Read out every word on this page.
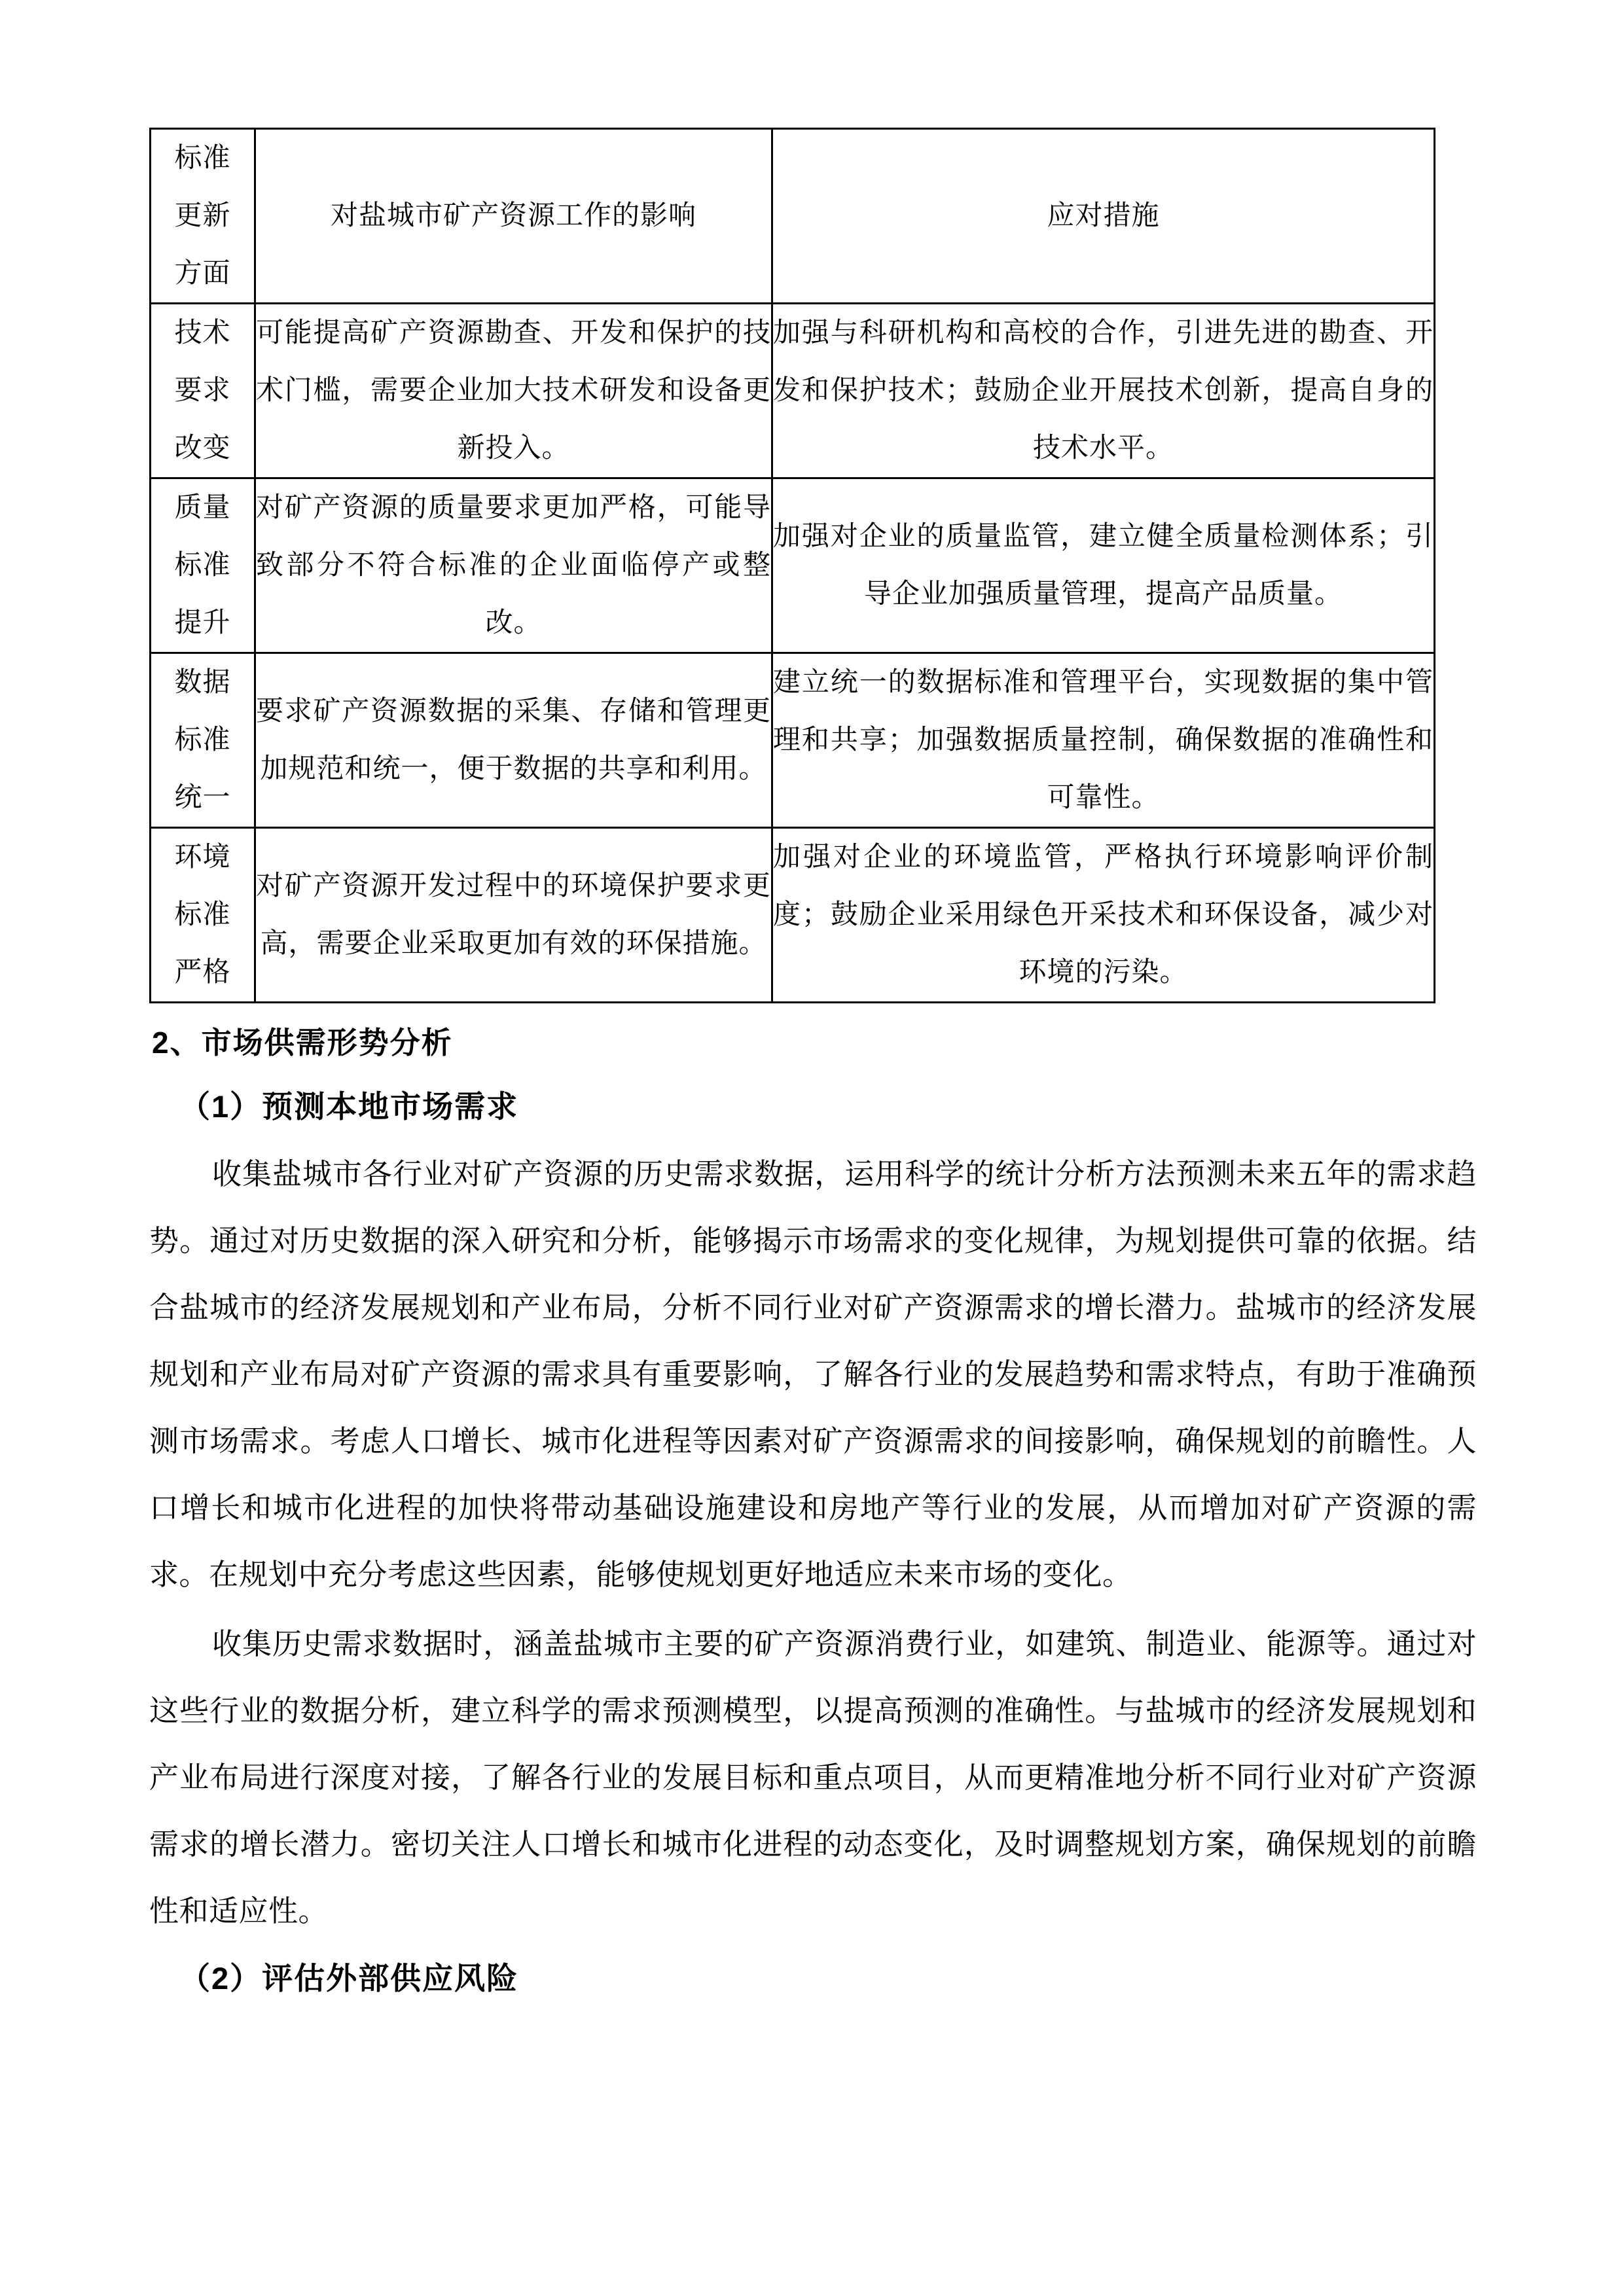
标准
更新
方面	对盐城市矿产资源工作的影响	应对措施

技术
要求
改变	可能提高矿产资源勘查、开发和保护的技术门槛，需要企业加大技术研发和设备更新投入。	加强与科研机构和高校的合作，引进先进的勘查、开发和保护技术；鼓励企业开展技术创新，提高自身的技术水平。

质量
标准
提升	对矿产资源的质量要求更加严格，可能导致部分不符合标准的企业面临停产或整改。	加强对企业的质量监管，建立健全质量检测体系；引导企业加强质量管理，提高产品质量。

数据
标准
统一	要求矿产资源数据的采集、存储和管理更加规范和统一，便于数据的共享和利用。	建立统一的数据标准和管理平台，实现数据的集中管理和共享；加强数据质量控制，确保数据的准确性和可靠性。

环境
标准
严格	对矿产资源开发过程中的环境保护要求更高，需要企业采取更加有效的环保措施。	加强对企业的环境监管，严格执行环境影响评价制度；鼓励企业采用绿色开采技术和环保设备，减少对环境的污染。
2、市场供需形势分析
（1）预测本地市场需求

收集盐城市各行业对矿产资源的历史需求数据，运用科学的统计分析方法预测未来五年的需求趋势。通过对历史数据的深入研究和分析，能够揭示市场需求的变化规律，为规划提供可靠的依据。结合盐城市的经济发展规划和产业布局，分析不同行业对矿产资源需求的增长潜力。盐城市的经济发展规划和产业布局对矿产资源的需求具有重要影响，了解各行业的发展趋势和需求特点，有助于准确预测市场需求。考虑人口增长、城市化进程等因素对矿产资源需求的间接影响，确保规划的前瞻性。人口增长和城市化进程的加快将带动基础设施建设和房地产等行业的发展，从而增加对矿产资源的需求。在规划中充分考虑这些因素，能够使规划更好地适应未来市场的变化。

收集历史需求数据时，涵盖盐城市主要的矿产资源消费行业，如建筑、制造业、能源等。通过对这些行业的数据分析，建立科学的需求预测模型，以提高预测的准确性。与盐城市的经济发展规划和产业布局进行深度对接，了解各行业的发展目标和重点项目，从而更精准地分析不同行业对矿产资源需求的增长潜力。密切关注人口增长和城市化进程的动态变化，及时调整规划方案，确保规划的前瞻性和适应性。

（2）评估外部供应风险
